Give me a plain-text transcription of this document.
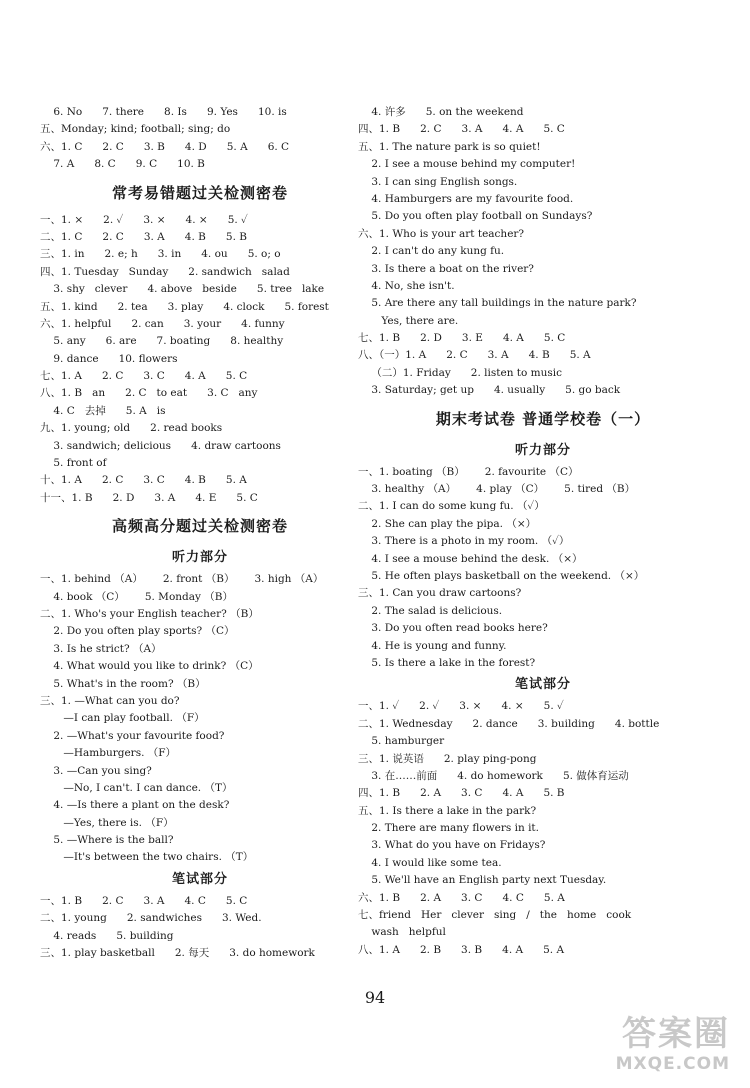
6. No      7. there      8. Is      9. Yes      10. is
五、Monday; kind; football; sing; do
六、1. C      2. C      3. B      4. D      5. A      6. C
7. A      8. C      9. C      10. B
常考易错题过关检测密卷
一、1. ×      2. ✓      3. ×      4. ×      5. ✓
二、1. C      2. C      3. A      4. B      5. B
三、1. in      2. e; h      3. in      4. ou      5. o; o
四、1. Tuesday   Sunday      2. sandwich   salad
3. shy   clever      4. above   beside      5. tree   lake
五、1. kind      2. tea      3. play      4. clock      5. forest
六、1. helpful      2. can      3. your      4. funny
5. any      6. are      7. boating      8. healthy
9. dance      10. flowers
七、1. A      2. C      3. C      4. A      5. C
八、1. B   an      2. C   to eat      3. C   any
4. C   去掉      5. A   is
九、1. young; old      2. read books
3. sandwich; delicious      4. draw cartoons
5. front of
十、1. A      2. C      3. C      4. B      5. A
十一、1. B      2. D      3. A      4. E      5. C
高频高分题过关检测密卷
听力部分
一、1. behind （A）      2. front （B）      3. high （A）
4. book （C）      5. Monday （B）
二、1. Who's your English teacher? （B）
2. Do you often play sports? （C）
3. Is he strict? （A）
4. What would you like to drink? （C）
5. What's in the room? （B）
三、1. —What can you do?
—I can play football. （F）
2. —What's your favourite food?
—Hamburgers. （F）
3. —Can you sing?
—No, I can't. I can dance. （T）
4. —Is there a plant on the desk?
—Yes, there is. （F）
5. —Where is the ball?
—It's between the two chairs. （T）
笔试部分
一、1. B      2. C      3. A      4. C      5. C
二、1. young      2. sandwiches      3. Wed.
4. reads      5. building
三、1. play basketball      2. 每天      3. do homework
4. 许多      5. on the weekend
四、1. B      2. C      3. A      4. A      5. C
五、1. The nature park is so quiet!
2. I see a mouse behind my computer!
3. I can sing English songs.
4. Hamburgers are my favourite food.
5. Do you often play football on Sundays?
六、1. Who is your art teacher?
2. I can't do any kung fu.
3. Is there a boat on the river?
4. No, she isn't.
5. Are there any tall buildings in the nature park?
Yes, there are.
七、1. B      2. D      3. E      4. A      5. C
八、（一）1. A      2. C      3. A      4. B      5. A
（二）1. Friday      2. listen to music
3. Saturday; get up      4. usually      5. go back
期末考试卷 普通学校卷（一）
听力部分
一、1. boating （B）      2. favourite （C）
3. healthy （A）      4. play （C）      5. tired （B）
二、1. I can do some kung fu. （✓）
2. She can play the pipa. （×）
3. There is a photo in my room. （✓）
4. I see a mouse behind the desk. （×）
5. He often plays basketball on the weekend. （×）
三、1. Can you draw cartoons?
2. The salad is delicious.
3. Do you often read books here?
4. He is young and funny.
5. Is there a lake in the forest?
笔试部分
一、1. ✓      2. ✓      3. ×      4. ×      5. ✓
二、1. Wednesday      2. dance      3. building      4. bottle
5. hamburger
三、1. 说英语      2. play ping-pong
3. 在……前面      4. do homework      5. 做体育运动
四、1. B      2. A      3. C      4. A      5. B
五、1. Is there a lake in the park?
2. There are many flowers in it.
3. What do you have on Fridays?
4. I would like some tea.
5. We'll have an English party next Tuesday.
六、1. B      2. A      3. C      4. C      5. A
七、friend   Her   clever   sing   /   the   home   cook
wash   helpful
八、1. A      2. B      3. B      4. A      5. A
94
答案圈
MXQE.COM
